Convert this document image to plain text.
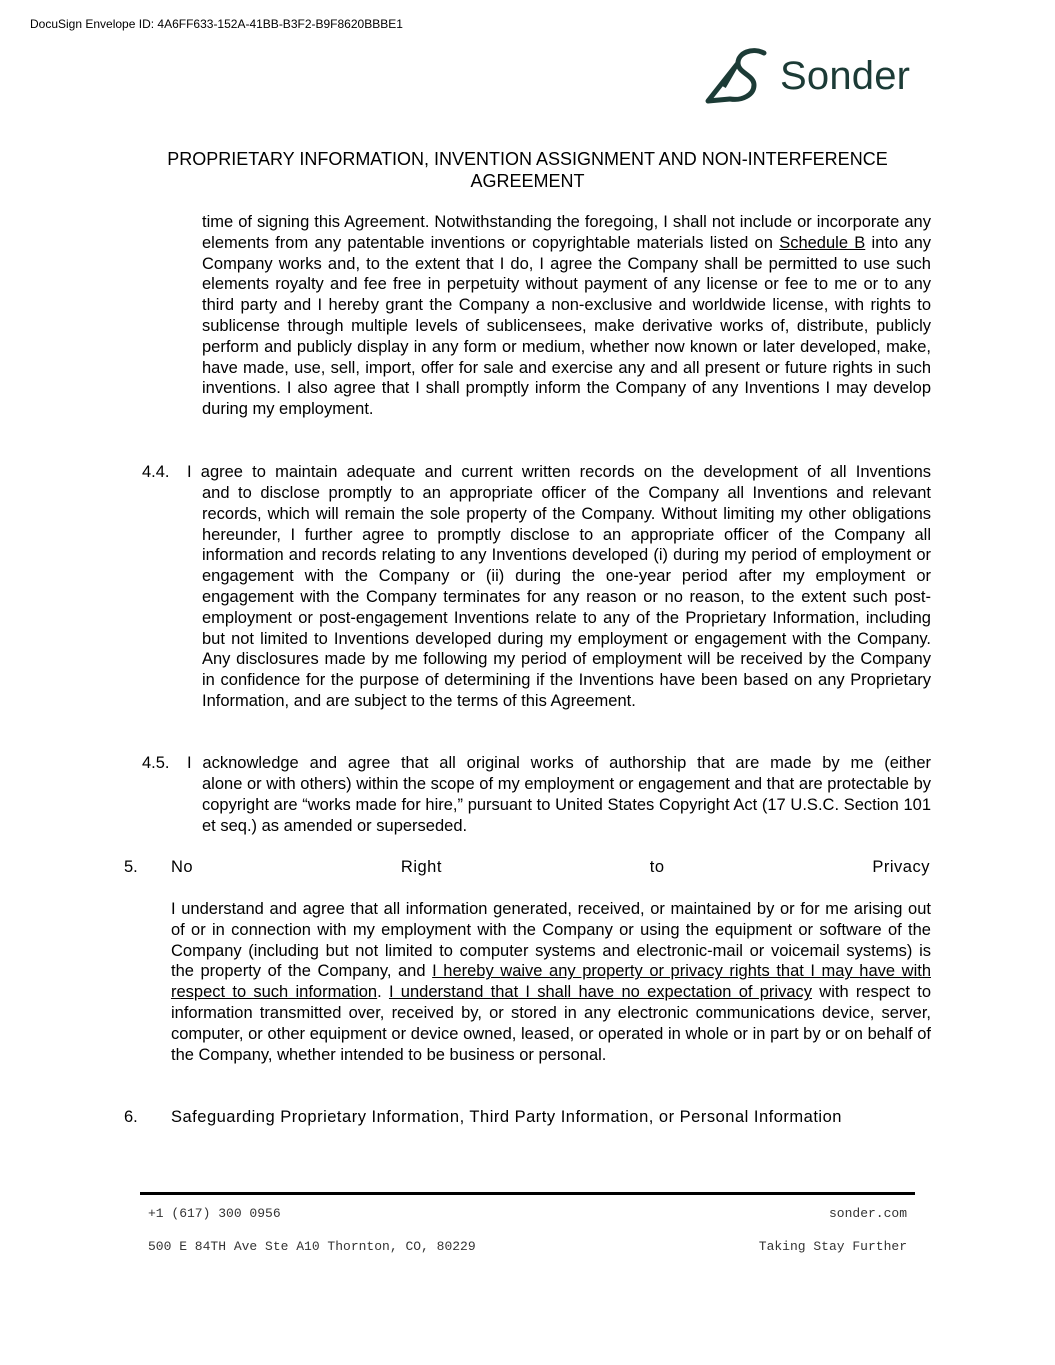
DocuSign Envelope ID: 4A6FF633-152A-41BB-B3F2-B9F8620BBBE1
Sonder
PROPRIETARY INFORMATION, INVENTION ASSIGNMENT AND NON-INTERFERENCE
AGREEMENT
time of signing this Agreement. Notwithstanding the foregoing, I shall not include or incorporate any elements from any patentable inventions or copyrightable materials listed on Schedule B into any Company works and, to the extent that I do, I agree the Company shall be permitted to use such elements royalty and fee free in perpetuity without payment of any license or fee to me or to any third party and I hereby grant the Company a non-exclusive and worldwide license, with rights to sublicense through multiple levels of sublicensees, make derivative works of, distribute, publicly perform and publicly display in any form or medium, whether now known or later developed, make, have made, use, sell, import, offer for sale and exercise any and all present or future rights in such inventions. I also agree that I shall promptly inform the Company of any Inventions I may develop during my employment.
4.4. I agree to maintain adequate and current written records on the development of all Inventions
and to disclose promptly to an appropriate officer of the Company all Inventions and relevant records, which will remain the sole property of the Company. Without limiting my other obligations hereunder, I further agree to promptly disclose to an appropriate officer of the Company all information and records relating to any Inventions developed (i) during my period of employment or engagement with the Company or (ii) during the one-year period after my employment or engagement with the Company terminates for any reason or no reason, to the extent such post-employment or post-engagement Inventions relate to any of the Proprietary Information, including but not limited to Inventions developed during my employment or engagement with the Company. Any disclosures made by me following my period of employment will be received by the Company in confidence for the purpose of determining if the Inventions have been based on any Proprietary Information, and are subject to the terms of this Agreement.
4.5. I acknowledge and agree that all original works of authorship that are made by me (either
alone or with others) within the scope of my employment or engagement and that are protectable by copyright are “works made for hire,” pursuant to United States Copyright Act (17 U.S.C. Section 101 et seq.) as amended or superseded.
5. No	Right	to	Privacy
I understand and agree that all information generated, received, or maintained by or for me arising out of or in connection with my employment with the Company or using the equipment or software of the Company (including but not limited to computer systems and electronic-mail or voicemail systems) is the property of the Company, and I hereby waive any property or privacy rights that I may have with respect to such information. I understand that I shall have no expectation of privacy with respect to information transmitted over, received by, or stored in any electronic communications device, server, computer, or other equipment or device owned, leased, or operated in whole or in part by or on behalf of the Company, whether intended to be business or personal.
6. Safeguarding Proprietary Information, Third Party Information, or Personal Information
+1 (617) 300 0956	sonder.com
500 E 84TH Ave Ste A10 Thornton, CO, 80229	Taking Stay Further
